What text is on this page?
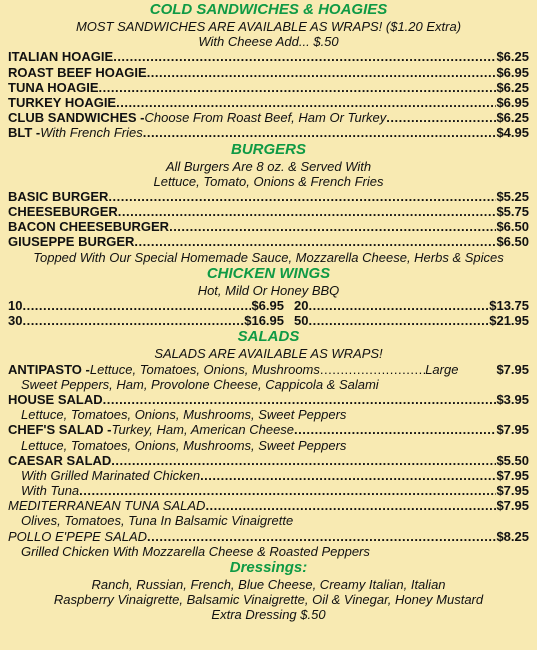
COLD SANDWICHES & HOAGIES
MOST SANDWICHES ARE AVAILABLE AS WRAPS! ($1.20 Extra)
With Cheese Add... $.50
ITALIAN HOAGIE .....	$6.25
ROAST BEEF HOAGIE .....	$6.95
TUNA HOAGIE .....	$6.25
TURKEY HOAGIE .....	$6.95
CLUB SANDWICHES - Choose From Roast Beef, Ham Or Turkey .....	$6.25
BLT - With French Fries .....	$4.95
BURGERS
All Burgers Are 8 oz. & Served With
Lettuce, Tomato, Onions & French Fries
BASIC BURGER .....	$5.25
CHEESEBURGER .....	$5.75
BACON CHEESEBURGER .....	$6.50
GIUSEPPE BURGER .....	$6.50
Topped With Our Special Homemade Sauce, Mozzarella Cheese, Herbs & Spices
CHICKEN WINGS
Hot, Mild Or Honey BBQ
10 .....	$6.95 20 .....	$13.75
30 .....	$16.95 50 .....	$21.95
SALADS
SALADS ARE AVAILABLE AS WRAPS!
ANTIPASTO - Lettuce, Tomatoes, Onions, Mushrooms .....	Large	$7.95
Sweet Peppers, Ham, Provolone Cheese, Cappicola & Salami
HOUSE SALAD .....	$3.95
Lettuce, Tomatoes, Onions, Mushrooms, Sweet Peppers
CHEF'S SALAD - Turkey, Ham, American Cheese .....	$7.95
Lettuce, Tomatoes, Onions, Mushrooms, Sweet Peppers
CAESAR SALAD .....	$5.50
With Grilled Marinated Chicken .....	$7.95
With Tuna .....	$7.95
MEDITERRANEAN TUNA SALAD .....	$7.95
Olives, Tomatoes, Tuna In Balsamic Vinaigrette
POLLO E'PEPE SALAD .....	$8.25
Grilled Chicken With Mozzarella Cheese & Roasted Peppers
Dressings:
Ranch, Russian, French, Blue Cheese, Creamy Italian, Italian
Raspberry Vinaigrette, Balsamic Vinaigrette, Oil & Vinegar, Honey Mustard
Extra Dressing $.50
